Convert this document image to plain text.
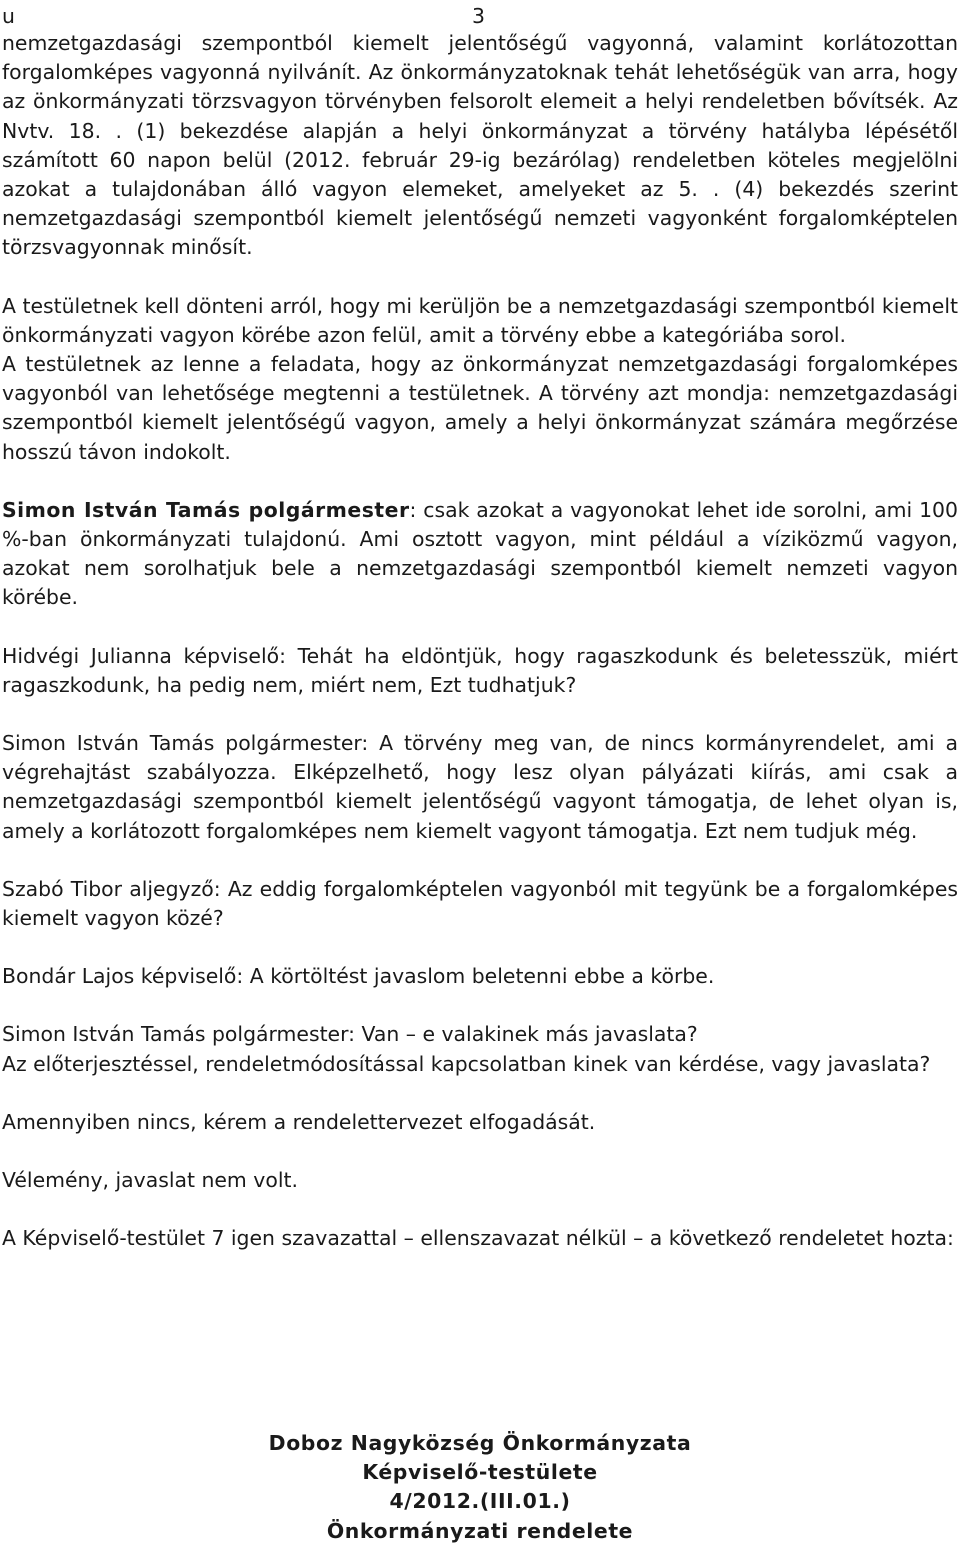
u	3

nemzetgazdasági szempontból kiemelt jelentőségű vagyonná, valamint korlátozottan forgalomképes vagyonná nyilvánít. Az önkormányzatoknak tehát lehetőségük van arra, hogy az önkormányzati törzsvagyon törvényben felsorolt elemeit a helyi rendeletben bővítsék. Az Nvtv. 18. . (1) bekezdése alapján a helyi önkormányzat a törvény hatályba lépésétől számított 60 napon belül (2012. február 29-ig bezárólag) rendeletben köteles megjelölni azokat a tulajdonában álló vagyon elemeket, amelyeket az 5. . (4) bekezdés szerint nemzetgazdasági szempontból kiemelt jelentőségű nemzeti vagyonként forgalomképtelen törzsvagyonnak minősít.

A testületnek kell dönteni arról, hogy mi kerüljön be a nemzetgazdasági szempontból kiemelt önkormányzati vagyon körébe azon felül, amit a törvény ebbe a kategóriába sorol.

A testületnek az lenne a feladata, hogy az önkormányzat nemzetgazdasági forgalomképes vagyonból van lehetősége megtenni a testületnek. A törvény azt mondja: nemzetgazdasági szempontból kiemelt jelentőségű vagyon, amely a helyi önkormányzat számára megőrzése hosszú távon indokolt.

Simon István Tamás polgármester: csak azokat a vagyonokat lehet ide sorolni, ami 100 %-ban önkormányzati tulajdonú. Ami osztott vagyon, mint például a víziközmű vagyon, azokat nem sorolhatjuk bele a nemzetgazdasági szempontból kiemelt nemzeti vagyon körébe.

Hidvégi Julianna képviselő: Tehát ha eldöntjük, hogy ragaszkodunk és beletesszük, miért ragaszkodunk, ha pedig nem, miért nem, Ezt tudhatjuk?

Simon István Tamás polgármester: A törvény meg van, de nincs kormányrendelet, ami a végrehajtást szabályozza. Elképzelhető, hogy lesz olyan pályázati kiírás, ami csak a nemzetgazdasági szempontból kiemelt jelentőségű vagyont támogatja, de lehet olyan is, amely a korlátozott forgalomképes nem kiemelt vagyont támogatja. Ezt nem tudjuk még.

Szabó Tibor aljegyző: Az eddig forgalomképtelen vagyonból mit tegyünk be a forgalomképes kiemelt vagyon közé?

Bondár Lajos képviselő: A körtöltést javaslom beletenni ebbe a körbe.

Simon István Tamás polgármester: Van – e valakinek más javaslata?

Az előterjesztéssel, rendeletmódosítással kapcsolatban kinek van kérdése, vagy javaslata?

Amennyiben nincs, kérem a rendelettervezet elfogadását.

Vélemény, javaslat nem volt.

A Képviselő-testület 7 igen szavazattal – ellenszavazat nélkül – a következő rendeletet hozta:

Doboz Nagyközség Önkormányzata
Képviselő-testülete
4/2012.(III.01.)
Önkormányzati rendelete
